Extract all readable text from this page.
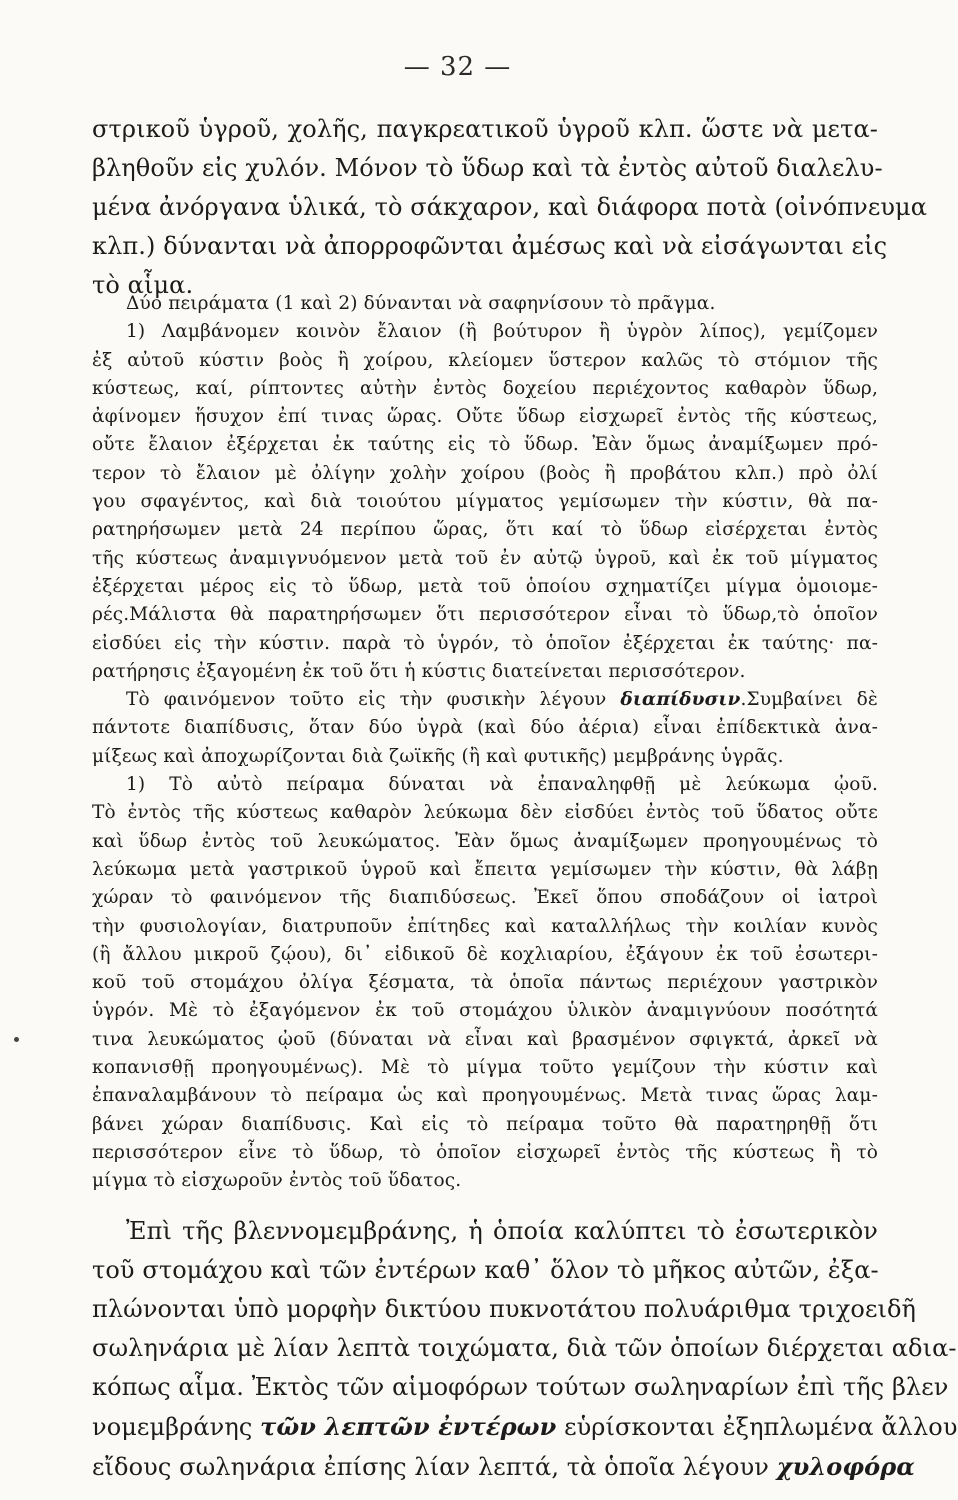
— 32 —
στρικοῦ ὑγροῦ, χολῆς, παγκρεατικοῦ ὑγροῦ κλπ. ὥστε νὰ μετα-
βληθοῦν εἰς χυλόν. Μόνον τὸ ὕδωρ καὶ τὰ ἐντὸς αὐτοῦ διαλελυ-
μένα ἀνόργανα ὑλικά, τὸ σάκχαρον, καὶ διάφορα ποτὰ (οἰνόπνευμα
κλπ.) δύνανται νὰ ἀπορροφῶνται ἀμέσως καὶ νὰ εἰσάγωνται εἰς
τὸ αἷμα.
Δύο πειράματα (1 καὶ 2) δύνανται νὰ σαφηνίσουν τὸ πρᾶγμα.
1) Λαμβάνομεν κοινὸν ἔλαιον (ἢ βούτυρον ἢ ὑγρὸν λίπος), γεμίζομεν
ἐξ αὐτοῦ κύστιν βοὸς ἢ χοίρου, κλείομεν ὕστερον καλῶς τὸ στόμιον τῆς
κύστεως, καί, ρίπτοντες αὐτὴν ἐντὸς δοχείου περιέχοντος καθαρὸν ὕδωρ,
ἀφίνομεν ἥσυχον ἐπί τινας ὥρας. Οὔτε ὕδωρ εἰσχωρεῖ ἐντὸς τῆς κύστεως,
οὔτε ἔλαιον ἐξέρχεται ἐκ ταύτης εἰς τὸ ὕδωρ. Ἐὰν ὅμως ἀναμίξωμεν πρό-
τερον τὸ ἔλαιον μὲ ὀλίγην χολὴν χοίρου (βοὸς ἢ προβάτου κλπ.) πρὸ ὀλί
γου σφαγέντος, καὶ διὰ τοιούτου μίγματος γεμίσωμεν τὴν κύστιν, θὰ πα-
ρατηρήσωμεν μετὰ 24 περίπου ὥρας, ὅτι καί τὸ ὕδωρ εἰσέρχεται ἐντὸς
τῆς κύστεως ἀναμιγνυόμενον μετὰ τοῦ ἐν αὐτῷ ὑγροῦ, καὶ ἐκ τοῦ μίγματος
ἐξέρχεται μέρος εἰς τὸ ὕδωρ, μετὰ τοῦ ὁποίου σχηματίζει μίγμα ὁμοιομε-
ρές.Μάλιστα θὰ παρατηρήσωμεν ὅτι περισσότερον εἶναι τὸ ὕδωρ,τὸ ὁποῖον
εἰσδύει εἰς τὴν κύστιν. παρὰ τὸ ὑγρόν, τὸ ὁποῖον ἐξέρχεται ἐκ ταύτης· πα-
ρατήρησις ἐξαγομένη ἐκ τοῦ ὅτι ἡ κύστις διατείνεται περισσότερον.
Τὸ φαινόμενον τοῦτο εἰς τὴν φυσικὴν λέγουν διαπίδυσιν.Συμβαίνει δὲ
πάντοτε διαπίδυσις, ὅταν δύο ὑγρὰ (καὶ δύο ἀέρια) εἶναι ἐπίδεκτικὰ ἀνα-
μίξεως καὶ ἀποχωρίζονται διὰ ζωϊκῆς (ἢ καὶ φυτικῆς) μεμβράνης ὑγρᾶς.
1) Τὸ αὐτὸ πείραμα δύναται νὰ ἐπαναληφθῇ μὲ λεύκωμα ᾠοῦ.
Τὸ ἐντὸς τῆς κύστεως καθαρὸν λεύκωμα δὲν εἰσδύει ἐντὸς τοῦ ὕδατος οὔτε
καὶ ὕδωρ ἐντὸς τοῦ λευκώματος. Ἐὰν ὅμως ἀναμίξωμεν προηγουμένως τὸ
λεύκωμα μετὰ γαστρικοῦ ὑγροῦ καὶ ἔπειτα γεμίσωμεν τὴν κύστιν, θὰ λάβῃ
χώραν τὸ φαινόμενον τῆς διαπιδύσεως. Ἐκεῖ ὅπου σποδάζουν οἱ ἰατροὶ
τὴν φυσιολογίαν, διατρυποῦν ἐπίτηδες καὶ καταλλήλως τὴν κοιλίαν κυνὸς
(ἢ ἄλλου μικροῦ ζῴου), δι᾽ εἰδικοῦ δὲ κοχλιαρίου, ἐξάγουν ἐκ τοῦ ἐσωτερι-
κοῦ τοῦ στομάχου ὀλίγα ξέσματα, τὰ ὁποῖα πάντως περιέχουν γαστρικὸν
ὑγρόν. Μὲ τὸ ἐξαγόμενον ἐκ τοῦ στομάχου ὑλικὸν ἀναμιγνύουν ποσότητά
τινα λευκώματος ᾠοῦ (δύναται νὰ εἶναι καὶ βρασμένον σφιγκτά, ἀρκεῖ νὰ
κοπανισθῇ προηγουμένως). Μὲ τὸ μίγμα τοῦτο γεμίζουν τὴν κύστιν καὶ
ἐπαναλαμβάνουν τὸ πείραμα ὡς καὶ προηγουμένως. Μετὰ τινας ὥρας λαμ-
βάνει χώραν διαπίδυσις. Καὶ εἰς τὸ πείραμα τοῦτο θὰ παρατηρηθῇ ὅτι
περισσότερον εἶνε τὸ ὕδωρ, τὸ ὁποῖον εἰσχωρεῖ ἐντὸς τῆς κύστεως ἢ τὸ
μίγμα τὸ εἰσχωροῦν ἐντὸς τοῦ ὕδατος.
Ἐπὶ τῆς βλεννομεμβράνης, ἡ ὁποία καλύπτει τὸ ἐσωτερικὸν
τοῦ στομάχου καὶ τῶν ἐντέρων καθ᾽ ὅλον τὸ μῆκος αὐτῶν, ἐξα-
πλώνονται ὑπὸ μορφὴν δικτύου πυκνοτάτου πολυάριθμα τριχοειδῆ
σωληνάρια μὲ λίαν λεπτὰ τοιχώματα, διὰ τῶν ὁποίων διέρχεται αδια-
κόπως αἷμα. Ἐκτὸς τῶν αἱμοφόρων τούτων σωληναρίων ἐπὶ τῆς βλεν
νομεμβράνης τῶν λεπτῶν ἐντέρων εὑρίσκονται ἐξηπλωμένα ἄλλου
εἴδους σωληνάρια ἐπίσης λίαν λεπτά, τὰ ὁποῖα λέγουν χυλοφόρα
